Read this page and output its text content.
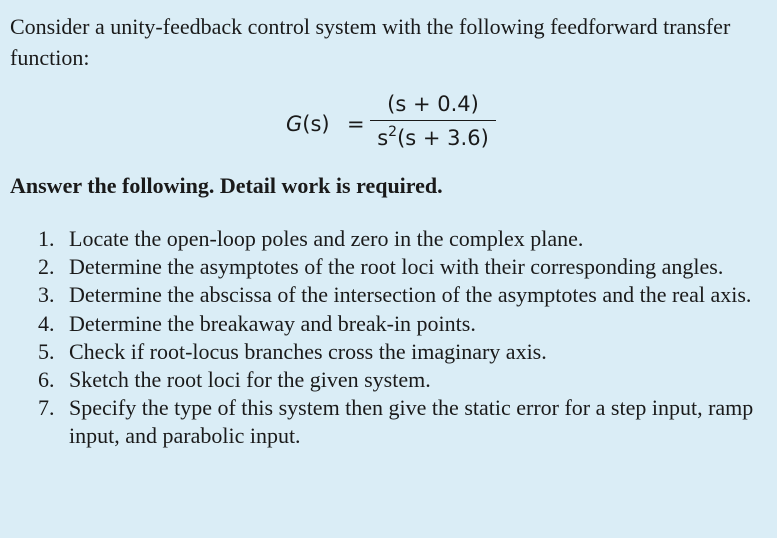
Consider a unity-feedback control system with the following feedforward transfer function:

G(s) =
(s + 0.4)
$s^2(s + 3.6)$

Answer the following. Detail work is required.

1. Locate the open-loop poles and zero in the complex plane.
2. Determine the asymptotes of the root loci with their corresponding angles.
3. Determine the abscissa of the intersection of the asymptotes and the real axis.
4. Determine the breakaway and break-in points.
5. Check if root-locus branches cross the imaginary axis.
6. Sketch the root loci for the given system.
7. Specify the type of this system then give the static error for a step input, ramp input, and parabolic input.
